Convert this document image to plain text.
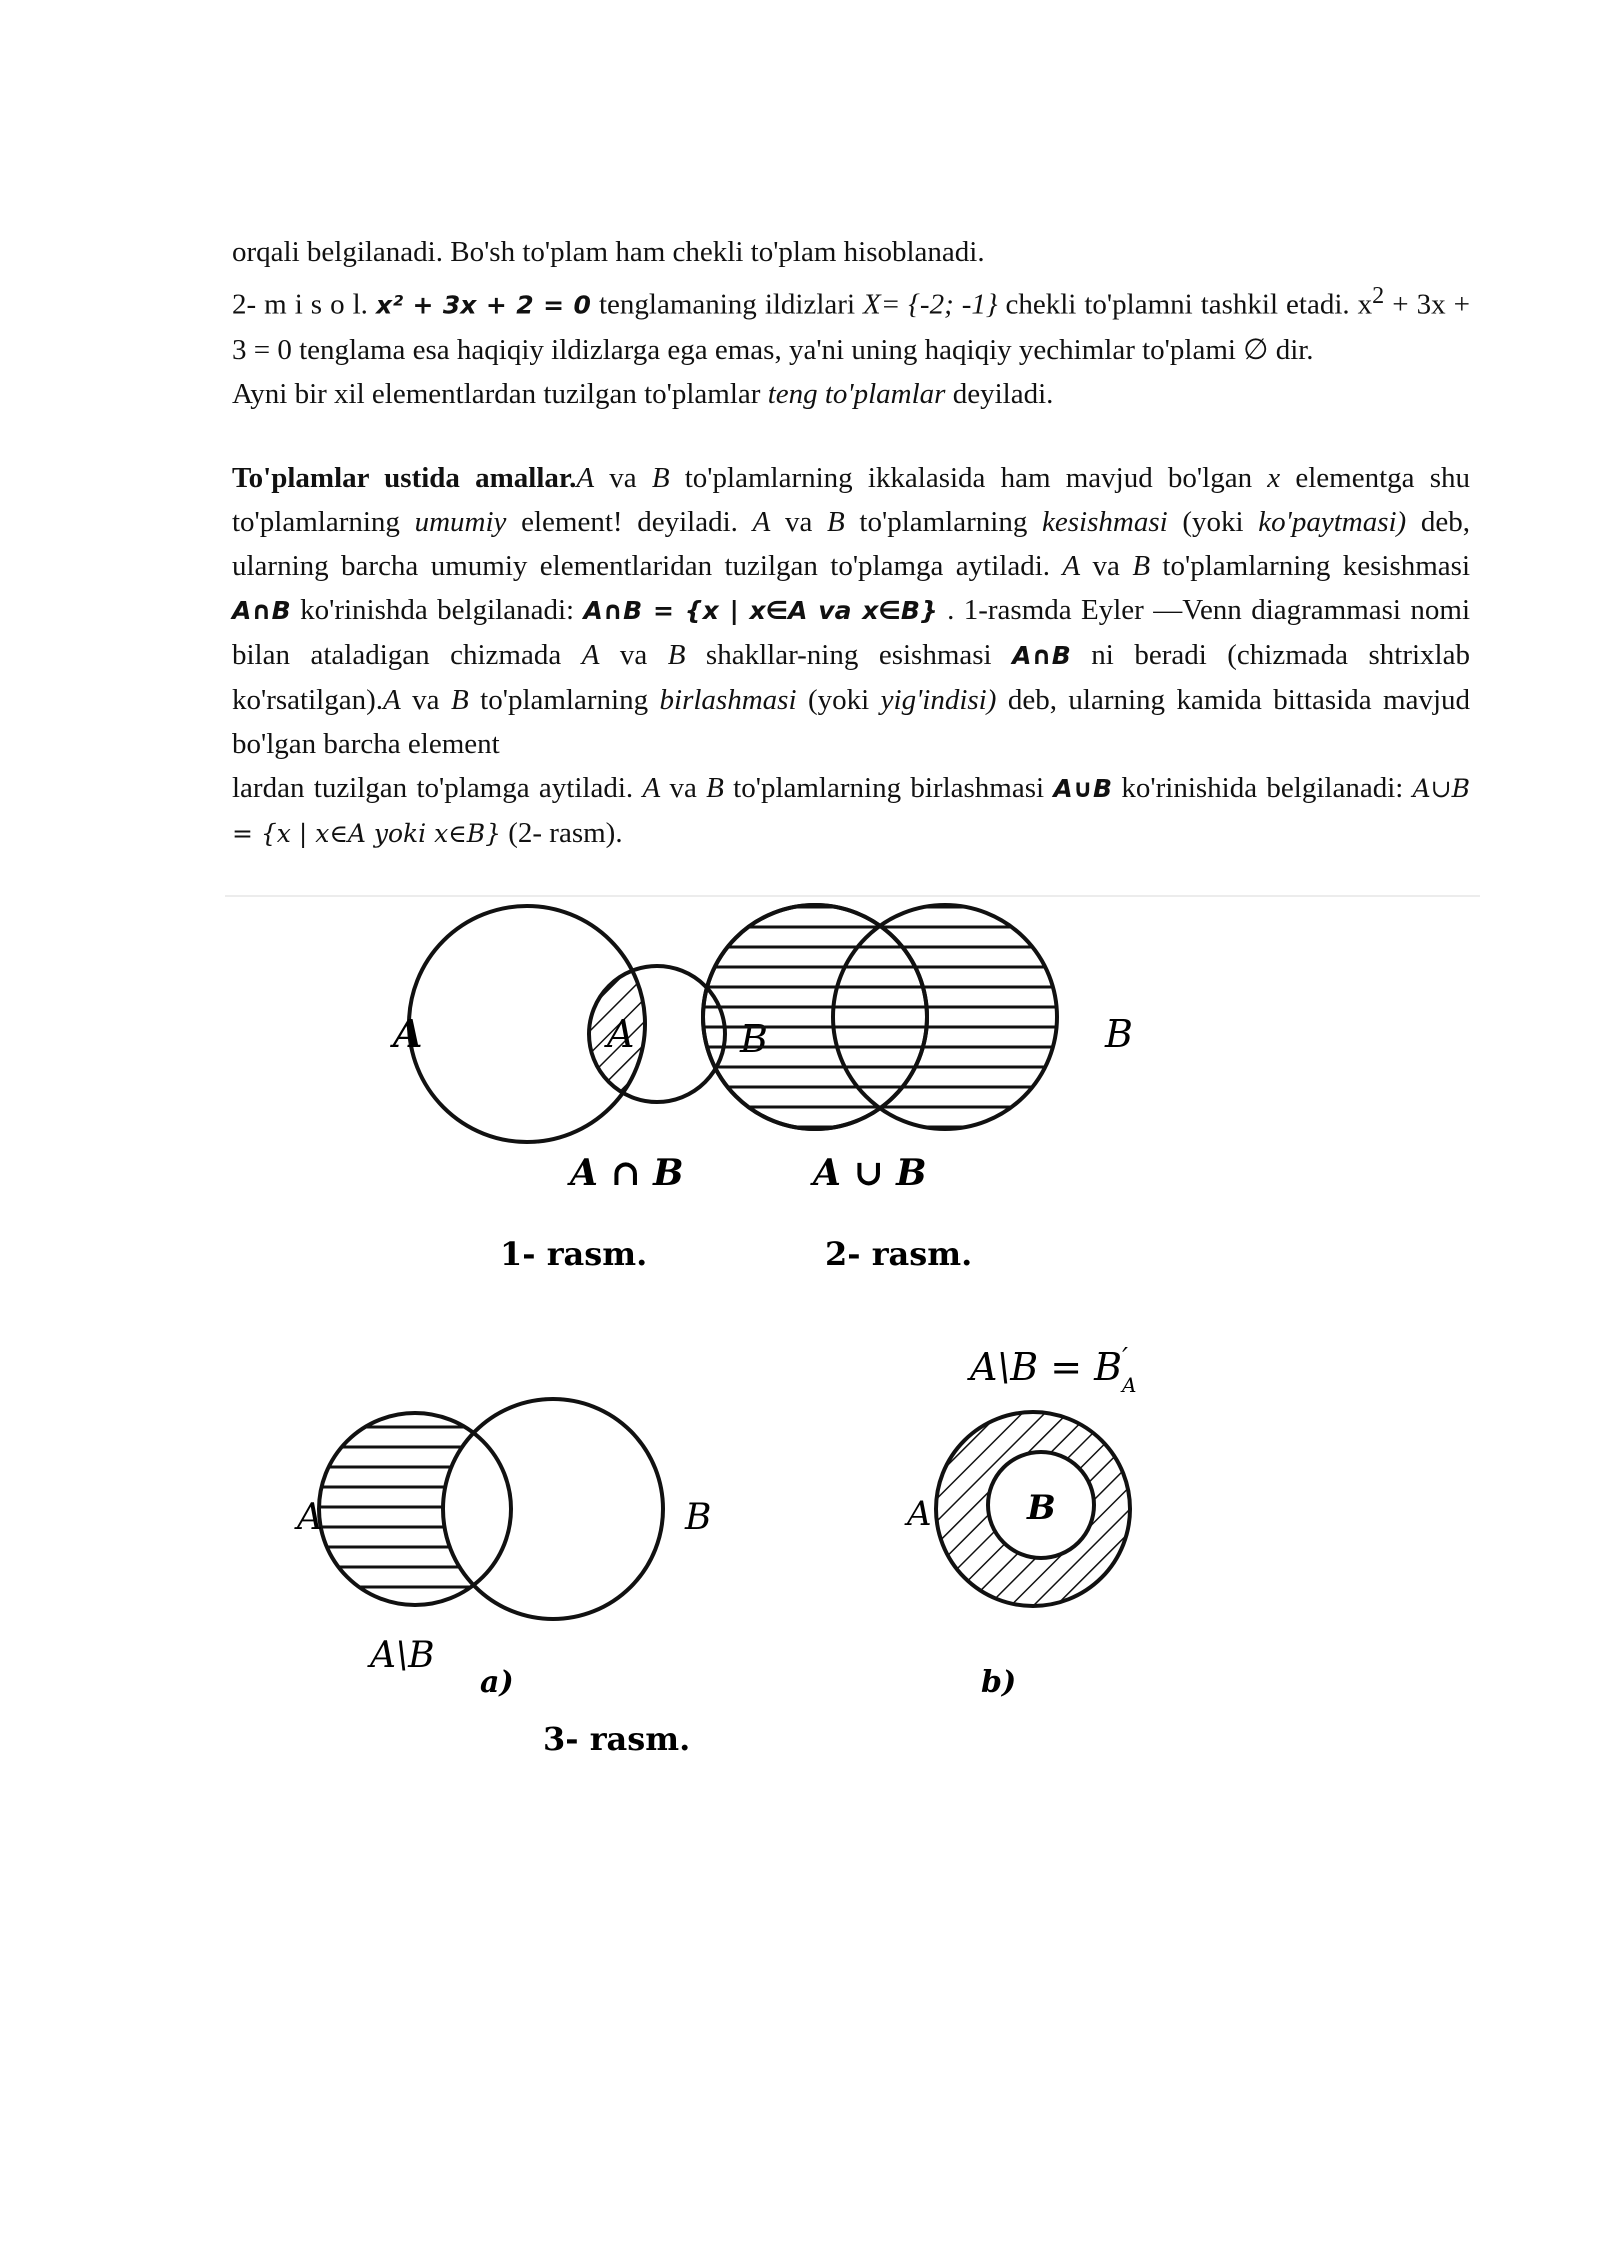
orqali belgilanadi. Bo'sh to'plam ham chekli to'plam hisoblanadi.
2- m i s o l. x² + 3x + 2 = 0 tenglamaning ildizlari X= {-2; -1} chekli to'plamni tashkil etadi. $x^2 + 3x + 3 = 0$ tenglama esa haqiqiy ildizlarga ega emas, ya'ni uning haqiqiy yechimlar to'plami ∅ dir.
Ayni bir xil elementlardan tuzilgan to'plamlar teng to'plamlar deyiladi.

To'plamlar ustida amallar.A va B to'plamlarning ikkalasida ham mavjud bo'lgan x elementga shu to'plamlarning umumiy element! deyiladi. A va B to'plamlarning kesishmasi (yoki ko'paytmasi) deb, ularning barcha umumiy elementlaridan tuzilgan to'plamga aytiladi. A va B to'plamlarning kesishmasi A∩B ko'rinishda belgilanadi: A∩B = {x | x∈A va x∈B} . 1-rasmda Eyler —Venn diagrammasi nomi bilan ataladigan chizmada A va B shakllar-ning esishmasi A∩B ni beradi (chizmada shtrixlab ko'rsatilgan).A va B to'plamlarning birlashmasi (yoki yig'indisi) deb, ularning kamida bittasida mavjud bo'lgan barcha element
lardan tuzilgan to'plamga aytiladi. A va B to'plamlarning birlashmasi A∪B ko'rinishida belgilanadi: A∪B = {x | x∈A yoki x∈B} (2- rasm).

A
A ∩ B
1- rasm.
A	B
A ∪ B
2- rasm.
A	B
A\B
a)
A	B
A\B = B′ A
b)
3- rasm.
